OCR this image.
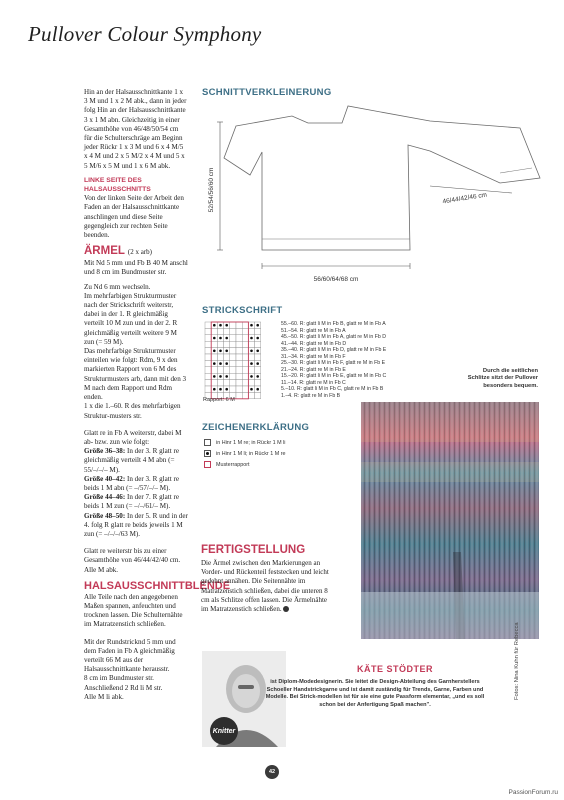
Pullover Colour Symphony

Hin an der Halsausschnittkante 1 x 3 M und 1 x 2 M abk., dann in jeder folg Hin an der Halsausschnittkante 3 x 1 M abn. Gleichzeitig in einer Gesamthöhe von 46/48/50/54 cm für die Schulterschräge am Beginn jeder Rückr 1 x 3 M und 6 x 4 M/5 x 4 M und 2 x 5 M/2 x 4 M und 5 x 5 M/6 x 5 M und 1 x 6 M abk.

LINKE SEITE DES HALSAUSSCHNITTS

Von der linken Seite der Arbeit den Faden an der Halsausschnittkante anschlingen und diese Seite gegengleich zur rechten Seite beenden.

ÄRMEL (2 x arb)

Mit Nd 5 mm und Fb B 40 M anschl und 8 cm im Bundmuster str.

Zu Nd 6 mm wechseln.

Im mehrfarbigen Strukturmuster nach der Strickschrift weiterstr, dabei in der 1. R gleichmäßig verteilt 10 M zun und in der 2. R gleichmäßig verteilt weitere 9 M zun (= 59 M).

Das mehrfarbige Strukturmuster einteilen wie folgt: Rdm, 9 x den markierten Rapport von 6 M des Strukturmusters arb, dann mit den 3 M nach dem Rapport und Rdm enden.

1 x die 1.–60. R des mehrfarbigen Struktur-musters str.

Glatt re in Fb A weiterstr, dabei M ab- bzw. zun wie folgt:

Größe 36–38: In der 3. R glatt re gleichmäßig verteilt 4 M abn (= 55/–/–/– M).

Größe 40–42: In der 3. R glatt re beids 1 M abn (= –/57/–/– M).

Größe 44–46: In der 7. R glatt re beids 1 M zun (= –/–/61/– M).

Größe 48–50: In der 5. R und in der 4. folg R glatt re beids jeweils 1 M zun (= –/–/–/63 M).

Glatt re weiterstr bis zu einer Gesamthöhe von 46/44/42/40 cm.

Alle M abk.

HALSAUSSCHNITTBLENDE

Alle Teile nach den angegebenen Maßen spannen, anfeuchten und trocknen lassen. Die Schulternähte im Matratzenstich schließen.

Mit der Rundstricknd 5 mm und dem Faden in Fb A gleichmäßig verteilt 66 M aus der Halsausschnittkante herausstr.

8 cm im Bundmuster str.

Anschließend 2 Rd li M str.

Alle M li abk.

SCHNITTVERKLEINERUNG
52/54/56/60 cm
56/60/64/68 cm
46/44/42/46 cm
STRICKSCHRIFT
55.–60. R: glatt li M in Fb B, glatt re M in Fb A
51.–54. R: glatt re M in Fb A
45.–50. R: glatt li M in Fb A, glatt re M in Fb D
41.–44. R: glatt re M in Fb D
35.–40. R: glatt li M in Fb D, glatt re M in Fb E
31.–34. R: glatt re M in Fb F
25.–30. R: glatt li M in Fb F, glatt re M in Fb E
21.–24. R: glatt re M in Fb E
15.–20. R: glatt li M in Fb E, glatt re M in Fb C
11.–14. R: glatt re M in Fb C
5.–10. R: glatt li M in Fb C, glatt re M in Fb B
1.–4. R: glatt re M in Fb B
Rapport: 6 M
Durch die seitlichen Schlitze sitzt der Pullover besonders bequem.
ZEICHENERKLÄRUNG
in Hinr 1 M re; in Rückr 1 M li
in Hinr 1 M li; in Rückr 1 M re
Musterrapport
FERTIGSTELLUNG
Die Ärmel zwischen den Markierungen an Vorder- und Rückenteil feststecken und leicht gedehnt annähen. Die Seitennähte im Matratzenstich schließen, dabei die unteren 8 cm als Schlitze offen lassen. Die Ärmelnähte im Matratzenstich schließen.
Knitter
KÄTE STÖDTER
ist Diplom-Modedesignerin. Sie leitet die Design-Abteilung des Garnherstellers Schoeller Handstrickgarne und ist damit zuständig für Trends, Garne, Farben und Modelle. Bei Strick-modellen ist für sie eine gute Passform elementar, „und es soll schon bei der Anfertigung Spaß machen".
Fotos: Nina Kuhn für Rebecca
42
PassionForum.ru
